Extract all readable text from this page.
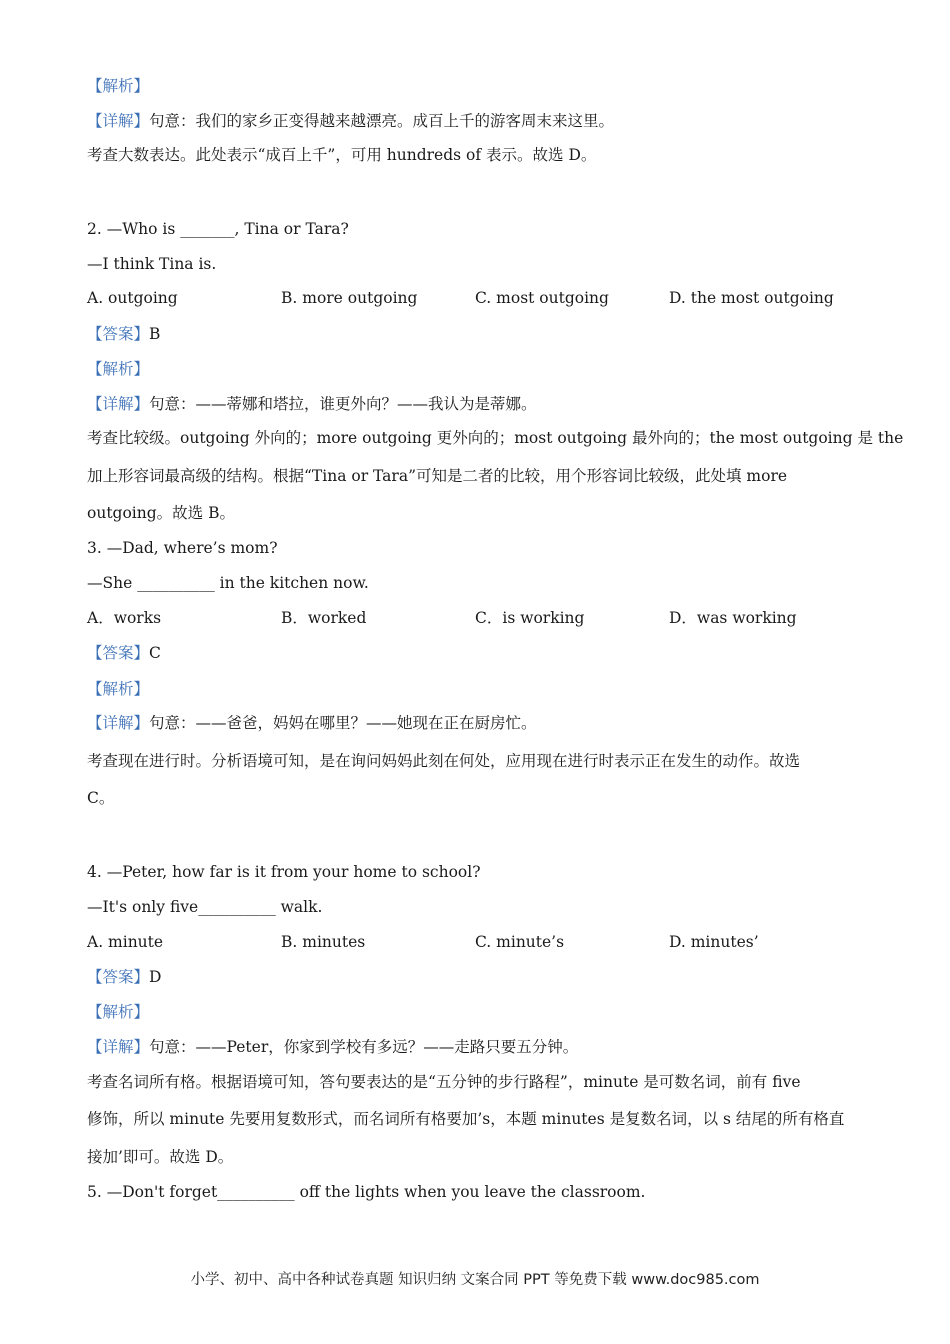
【解析】
【详解】句意：我们的家乡正变得越来越漂亮。成百上千的游客周末来这里。
考查大数表达。此处表示“成百上千”，可用 hundreds of 表示。故选 D。
2. —Who is _______, Tina or Tara?
—I think Tina is.
A. outgoing	B. more outgoing	C. most outgoing	D. the most outgoing
【答案】B
【解析】
【详解】句意：——蒂娜和塔拉，谁更外向？——我认为是蒂娜。
考查比较级。outgoing 外向的；more outgoing 更外向的；most outgoing 最外向的；the most outgoing 是 the
加上形容词最高级的结构。根据“Tina or Tara”可知是二者的比较，用个形容词比较级，此处填 more
outgoing。故选 B。
3. —Dad, where’s mom?
—She __________ in the kitchen now.
A．works	B．worked	C．is working	D．was working
【答案】C
【解析】
【详解】句意：——爸爸，妈妈在哪里？——她现在正在厨房忙。
考查现在进行时。分析语境可知，是在询问妈妈此刻在何处，应用现在进行时表示正在发生的动作。故选
C。
4. —Peter, how far is it from your home to school?
—It's only five__________ walk.
A. minute	B. minutes	C. minute’s	D. minutes’
【答案】D
【解析】
【详解】句意：——Peter，你家到学校有多远？——走路只要五分钟。
考查名词所有格。根据语境可知，答句要表达的是“五分钟的步行路程”，minute 是可数名词，前有 five
修饰，所以 minute 先要用复数形式，而名词所有格要加’s，本题 minutes 是复数名词，以 s 结尾的所有格直
接加’即可。故选 D。
5. —Don't forget__________ off the lights when you leave the classroom.
小学、初中、高中各种试卷真题 知识归纳 文案合同 PPT 等免费下载 www.doc985.com
